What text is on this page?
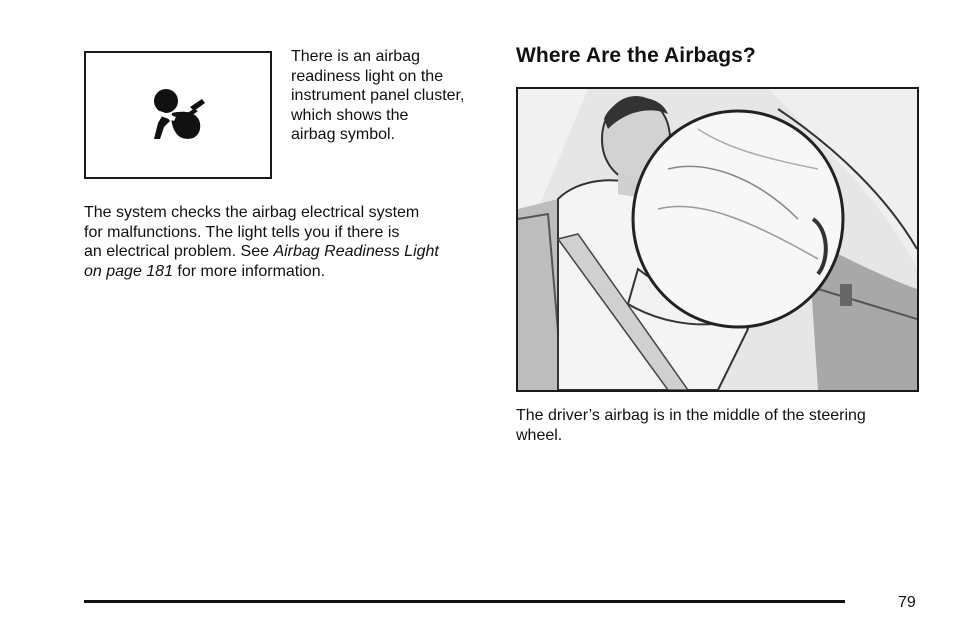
There is an airbag
readiness light on the
instrument panel cluster,
which shows the
airbag symbol.
The system checks the airbag electrical system
for malfunctions. The light tells you if there is
an electrical problem. See Airbag Readiness Light
on page 181 for more information.
Where Are the Airbags?
The driver’s airbag is in the middle of the steering
wheel.
79
